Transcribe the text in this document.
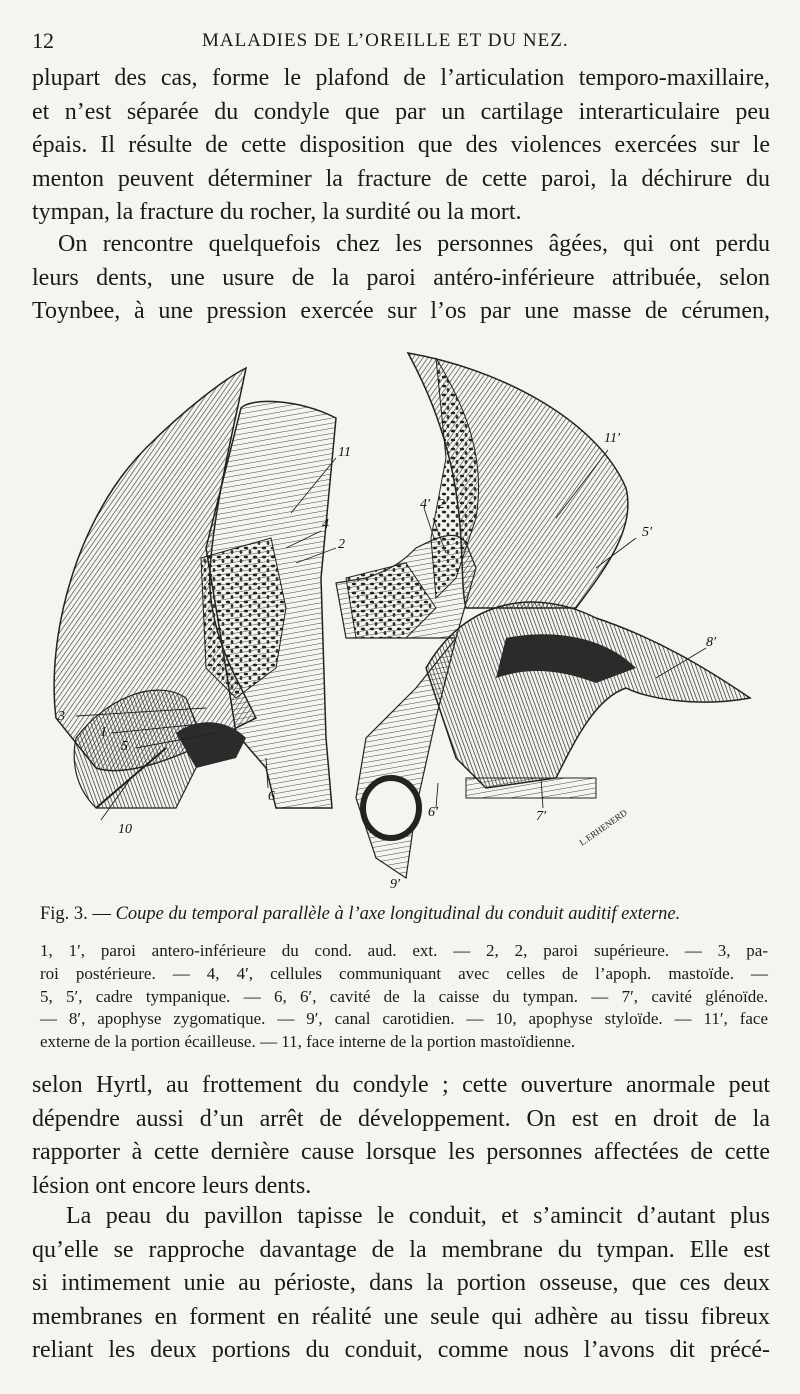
12	MALADIES DE L’OREILLE ET DU NEZ.
plupart des cas, forme le plafond de l’articulation temporo-maxillaire,
et n’est séparée du condyle que par un cartilage interarticulaire peu
épais. Il résulte de cette disposition que des violences exercées sur le
menton peuvent déterminer la fracture de cette paroi, la déchirure du
tympan, la fracture du rocher, la surdité ou la mort.
On rencontre quelquefois chez les personnes âgées, qui ont perdu
leurs dents, une usure de la paroi antéro-inférieure attribuée, selon
Toynbee, à une pression exercée sur l’os par une masse de cérumen,
11
4
2
3
1
5
6
10
11′
4′ 2′
5′
8′
6′	7′
9′
L.ERHENERD
Fig. 3. — Coupe du temporal parallèle à l’axe longitudinal du conduit auditif externe.
1, 1′, paroi antero-inférieure du cond. aud. ext. — 2, 2, paroi supérieure. — 3, pa-
roi postérieure. — 4, 4′, cellules communiquant avec celles de l’apoph. mastoïde. —
5, 5′, cadre tympanique. — 6, 6′, cavité de la caisse du tympan. — 7′, cavité glénoïde.
— 8′, apophyse zygomatique. — 9′, canal carotidien. — 10, apophyse styloïde. — 11′, face
externe de la portion écailleuse. — 11, face interne de la portion mastoïdienne.
selon Hyrtl, au frottement du condyle ; cette ouverture anormale peut
dépendre aussi d’un arrêt de développement. On est en droit de la
rapporter à cette dernière cause lorsque les personnes affectées de cette
lésion ont encore leurs dents.
La peau du pavillon tapisse le conduit, et s’amincit d’autant plus
qu’elle se rapproche davantage de la membrane du tympan. Elle est
si intimement unie au périoste, dans la portion osseuse, que ces deux
membranes en forment en réalité une seule qui adhère au tissu fibreux
reliant les deux portions du conduit, comme nous l’avons dit précé-
